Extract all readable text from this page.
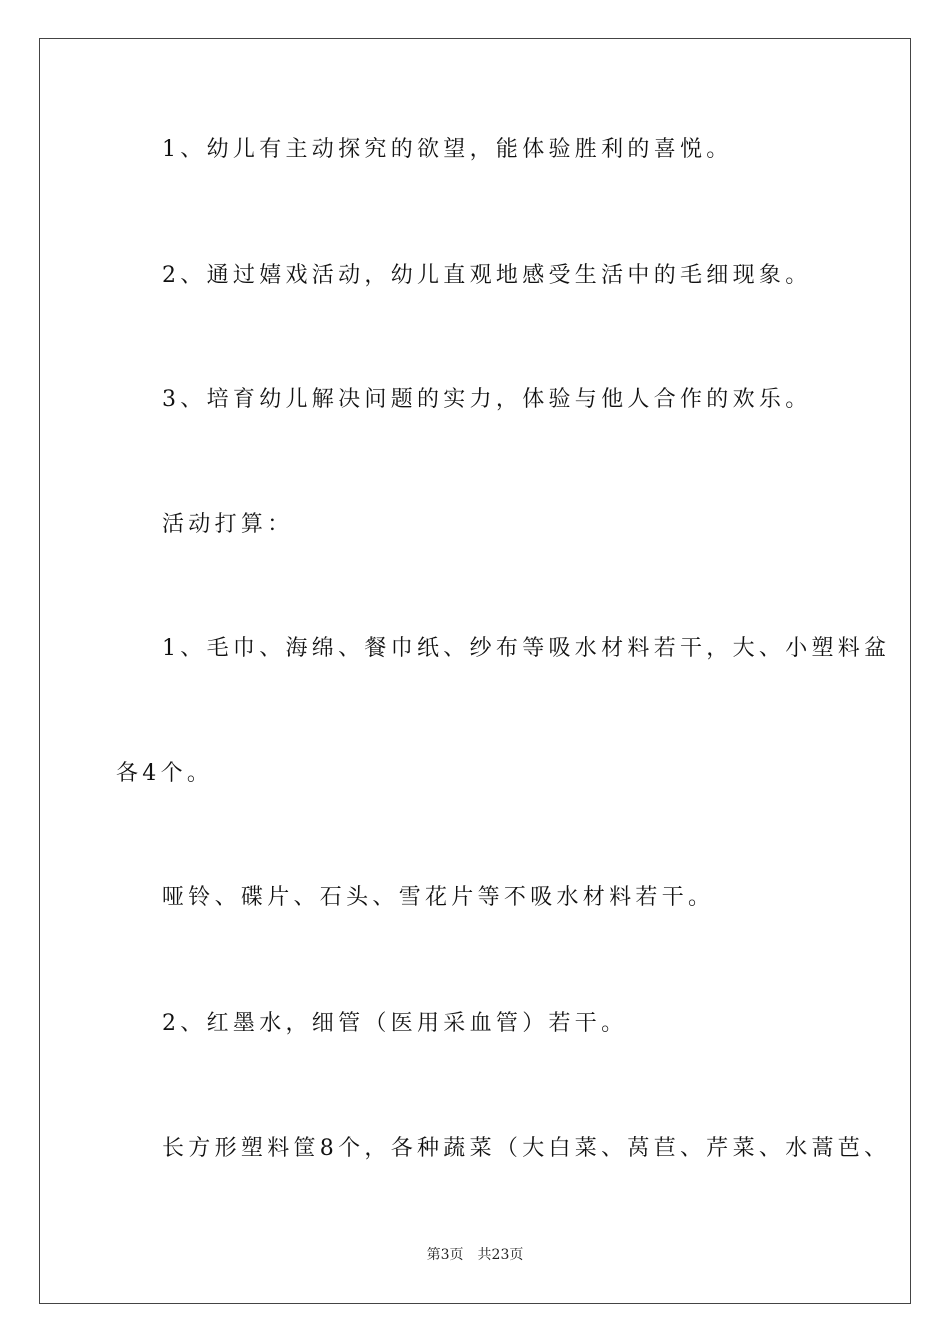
1、幼儿有主动探究的欲望，能体验胜利的喜悦。
2、通过嬉戏活动，幼儿直观地感受生活中的毛细现象。
3、培育幼儿解决问题的实力，体验与他人合作的欢乐。
活动打算：
1、毛巾、海绵、餐巾纸、纱布等吸水材料若干，大、小塑料盆
各4个。
哑铃、碟片、石头、雪花片等不吸水材料若干。
2、红墨水，细管（医用采血管）若干。
长方形塑料筐8个，各种蔬菜（大白菜、莴苣、芹菜、水蒿芭、
第3页 共23页
